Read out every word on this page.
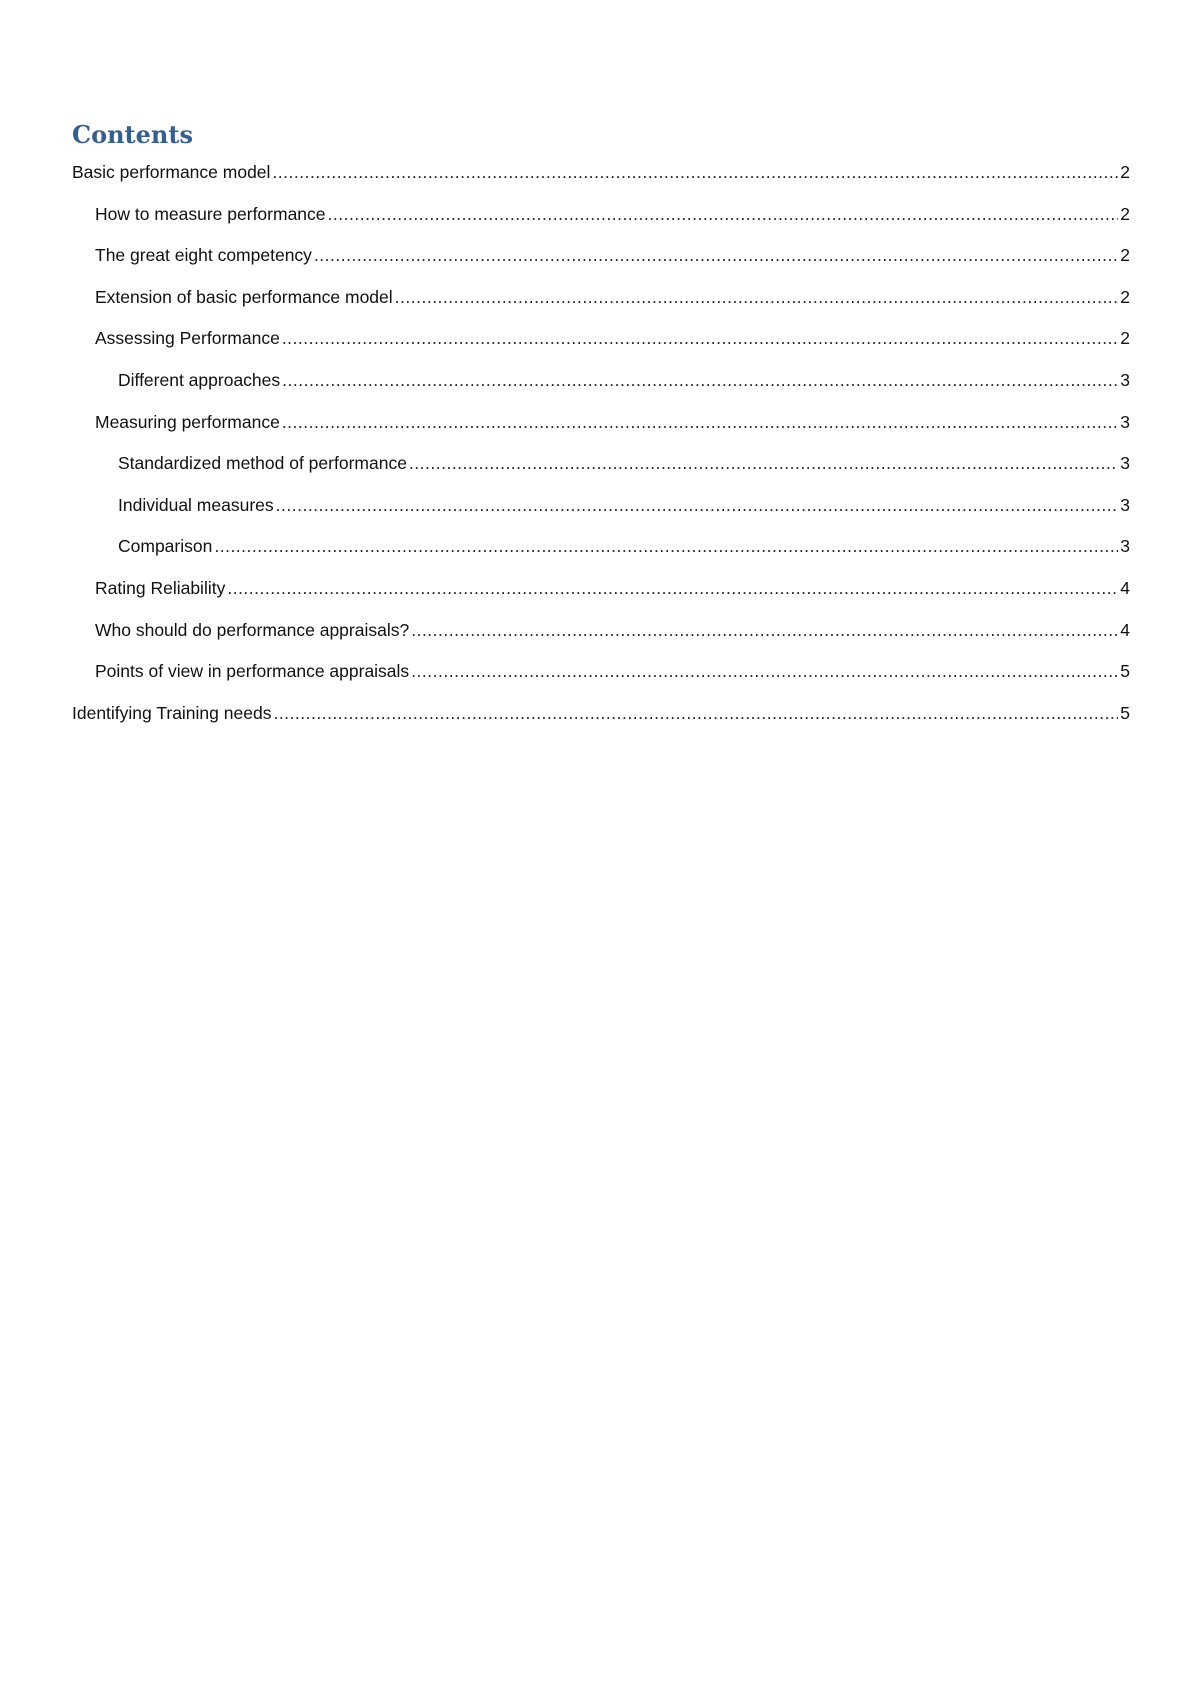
Contents
Basic performance model .....	2
How to measure performance .....	2
The great eight competency .....	2
Extension of basic performance model .....	2
Assessing Performance .....	2
Different approaches .....	3
Measuring performance .....	3
Standardized method of performance .....	3
Individual measures .....	3
Comparison .....	3
Rating Reliability .....	4
Who should do performance appraisals? .....	4
Points of view in performance appraisals .....	5
Identifying Training needs .....	5
